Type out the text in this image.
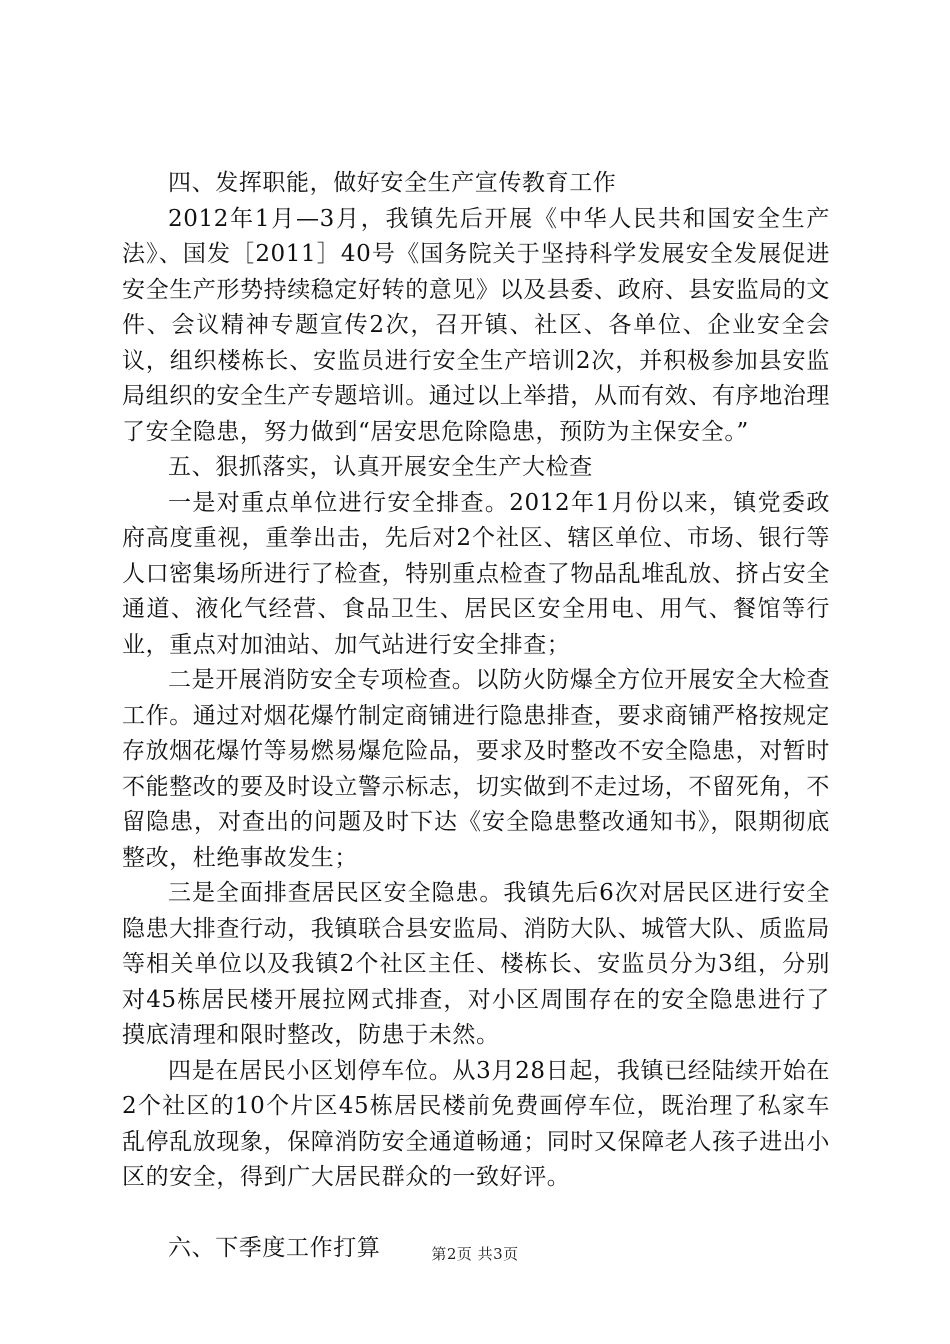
四、发挥职能，做好安全生产宣传教育工作

2012年1月—3月，我镇先后开展《中华人民共和国安全生产法》、国发［2011］40号《国务院关于坚持科学发展安全发展促进安全生产形势持续稳定好转的意见》以及县委、政府、县安监局的文件、会议精神专题宣传2次，召开镇、社区、各单位、企业安全会议，组织楼栋长、安监员进行安全生产培训2次，并积极参加县安监局组织的安全生产专题培训。通过以上举措，从而有效、有序地治理了安全隐患，努力做到“居安思危除隐患，预防为主保安全。”

五、狠抓落实，认真开展安全生产大检查

一是对重点单位进行安全排查。2012年1月份以来，镇党委政府高度重视，重拳出击，先后对2个社区、辖区单位、市场、银行等人口密集场所进行了检查，特别重点检查了物品乱堆乱放、挤占安全通道、液化气经营、食品卫生、居民区安全用电、用气、餐馆等行业，重点对加油站、加气站进行安全排查；

二是开展消防安全专项检查。以防火防爆全方位开展安全大检查工作。通过对烟花爆竹制定商铺进行隐患排查，要求商铺严格按规定存放烟花爆竹等易燃易爆危险品，要求及时整改不安全隐患，对暂时不能整改的要及时设立警示标志，切实做到不走过场，不留死角，不留隐患，对查出的问题及时下达《安全隐患整改通知书》，限期彻底整改，杜绝事故发生；

三是全面排查居民区安全隐患。我镇先后6次对居民区进行安全隐患大排查行动，我镇联合县安监局、消防大队、城管大队、质监局等相关单位以及我镇2个社区主任、楼栋长、安监员分为3组，分别对45栋居民楼开展拉网式排查，对小区周围存在的安全隐患进行了摸底清理和限时整改，防患于未然。

四是在居民小区划停车位。从3月28日起，我镇已经陆续开始在2个社区的10个片区45栋居民楼前免费画停车位，既治理了私家车乱停乱放现象，保障消防安全通道畅通；同时又保障老人孩子进出小区的安全，得到广大居民群众的一致好评。

六、下季度工作打算	第2页 共3页
